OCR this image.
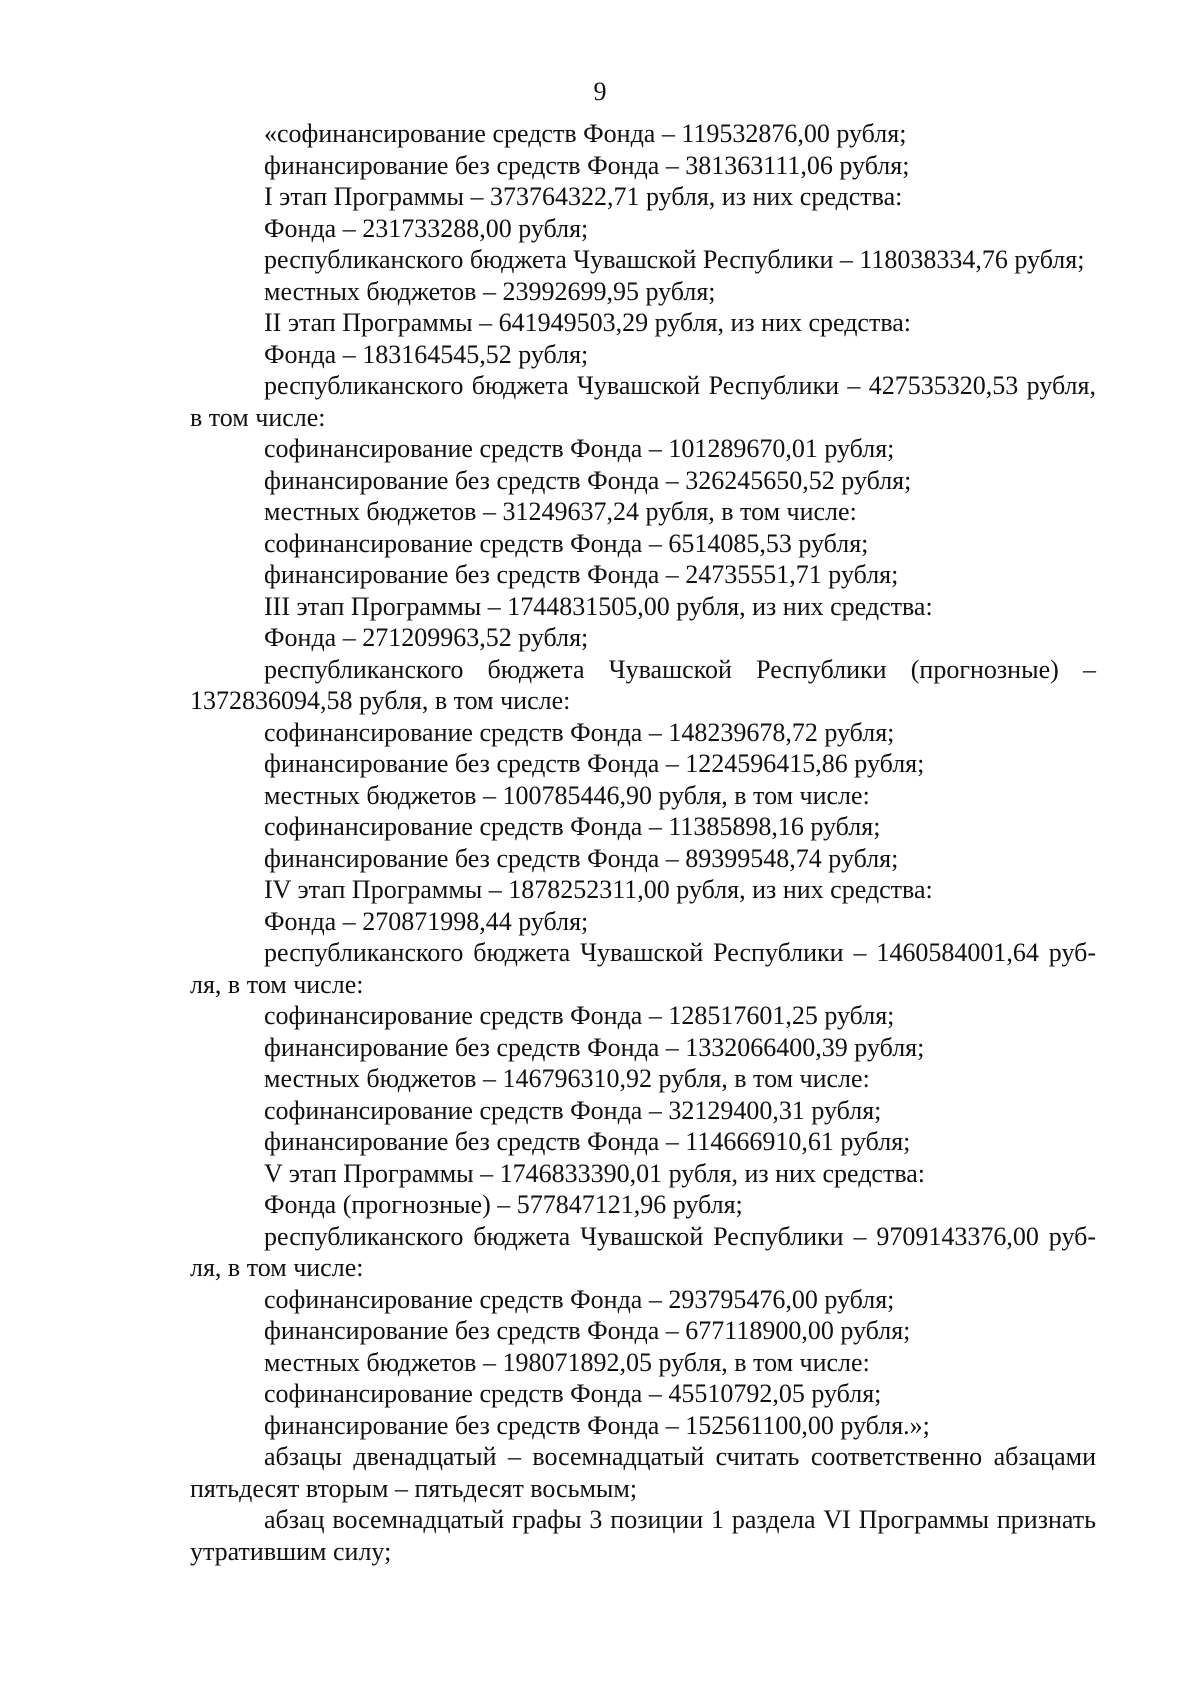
9
«софинансирование средств Фонда – 119532876,00 рубля;
финансирование без средств Фонда – 381363111,06 рубля;
I этап Программы – 373764322,71 рубля, из них средства:
Фонда – 231733288,00 рубля;
республиканского бюджета Чувашской Республики – 118038334,76 рубля;
местных бюджетов – 23992699,95 рубля;
II этап Программы – 641949503,29 рубля, из них средства:
Фонда – 183164545,52 рубля;
республиканского бюджета Чувашской Республики – 427535320,53 рубля,
в том числе:
софинансирование средств Фонда – 101289670,01 рубля;
финансирование без средств Фонда – 326245650,52 рубля;
местных бюджетов – 31249637,24 рубля, в том числе:
софинансирование средств Фонда – 6514085,53 рубля;
финансирование без средств Фонда – 24735551,71 рубля;
III этап Программы – 1744831505,00 рубля, из них средства:
Фонда – 271209963,52 рубля;
республиканского бюджета Чувашской Республики (прогнозные) –
1372836094,58 рубля, в том числе:
софинансирование средств Фонда – 148239678,72 рубля;
финансирование без средств Фонда – 1224596415,86 рубля;
местных бюджетов – 100785446,90 рубля, в том числе:
софинансирование средств Фонда – 11385898,16 рубля;
финансирование без средств Фонда – 89399548,74 рубля;
IV этап Программы – 1878252311,00 рубля, из них средства:
Фонда – 270871998,44 рубля;
республиканского бюджета Чувашской Республики – 1460584001,64 руб-
ля, в том числе:
софинансирование средств Фонда – 128517601,25 рубля;
финансирование без средств Фонда – 1332066400,39 рубля;
местных бюджетов – 146796310,92 рубля, в том числе:
софинансирование средств Фонда – 32129400,31 рубля;
финансирование без средств Фонда – 114666910,61 рубля;
V этап Программы – 1746833390,01 рубля, из них средства:
Фонда (прогнозные) – 577847121,96 рубля;
республиканского бюджета Чувашской Республики – 9709143376,00 руб-
ля, в том числе:
софинансирование средств Фонда – 293795476,00 рубля;
финансирование без средств Фонда – 677118900,00 рубля;
местных бюджетов – 198071892,05 рубля, в том числе:
софинансирование средств Фонда – 45510792,05 рубля;
финансирование без средств Фонда – 152561100,00 рубля.»;
абзацы двенадцатый – восемнадцатый считать соответственно абзацами
пятьдесят вторым – пятьдесят восьмым;
абзац восемнадцатый графы 3 позиции 1 раздела VI Программы признать
утратившим силу;
